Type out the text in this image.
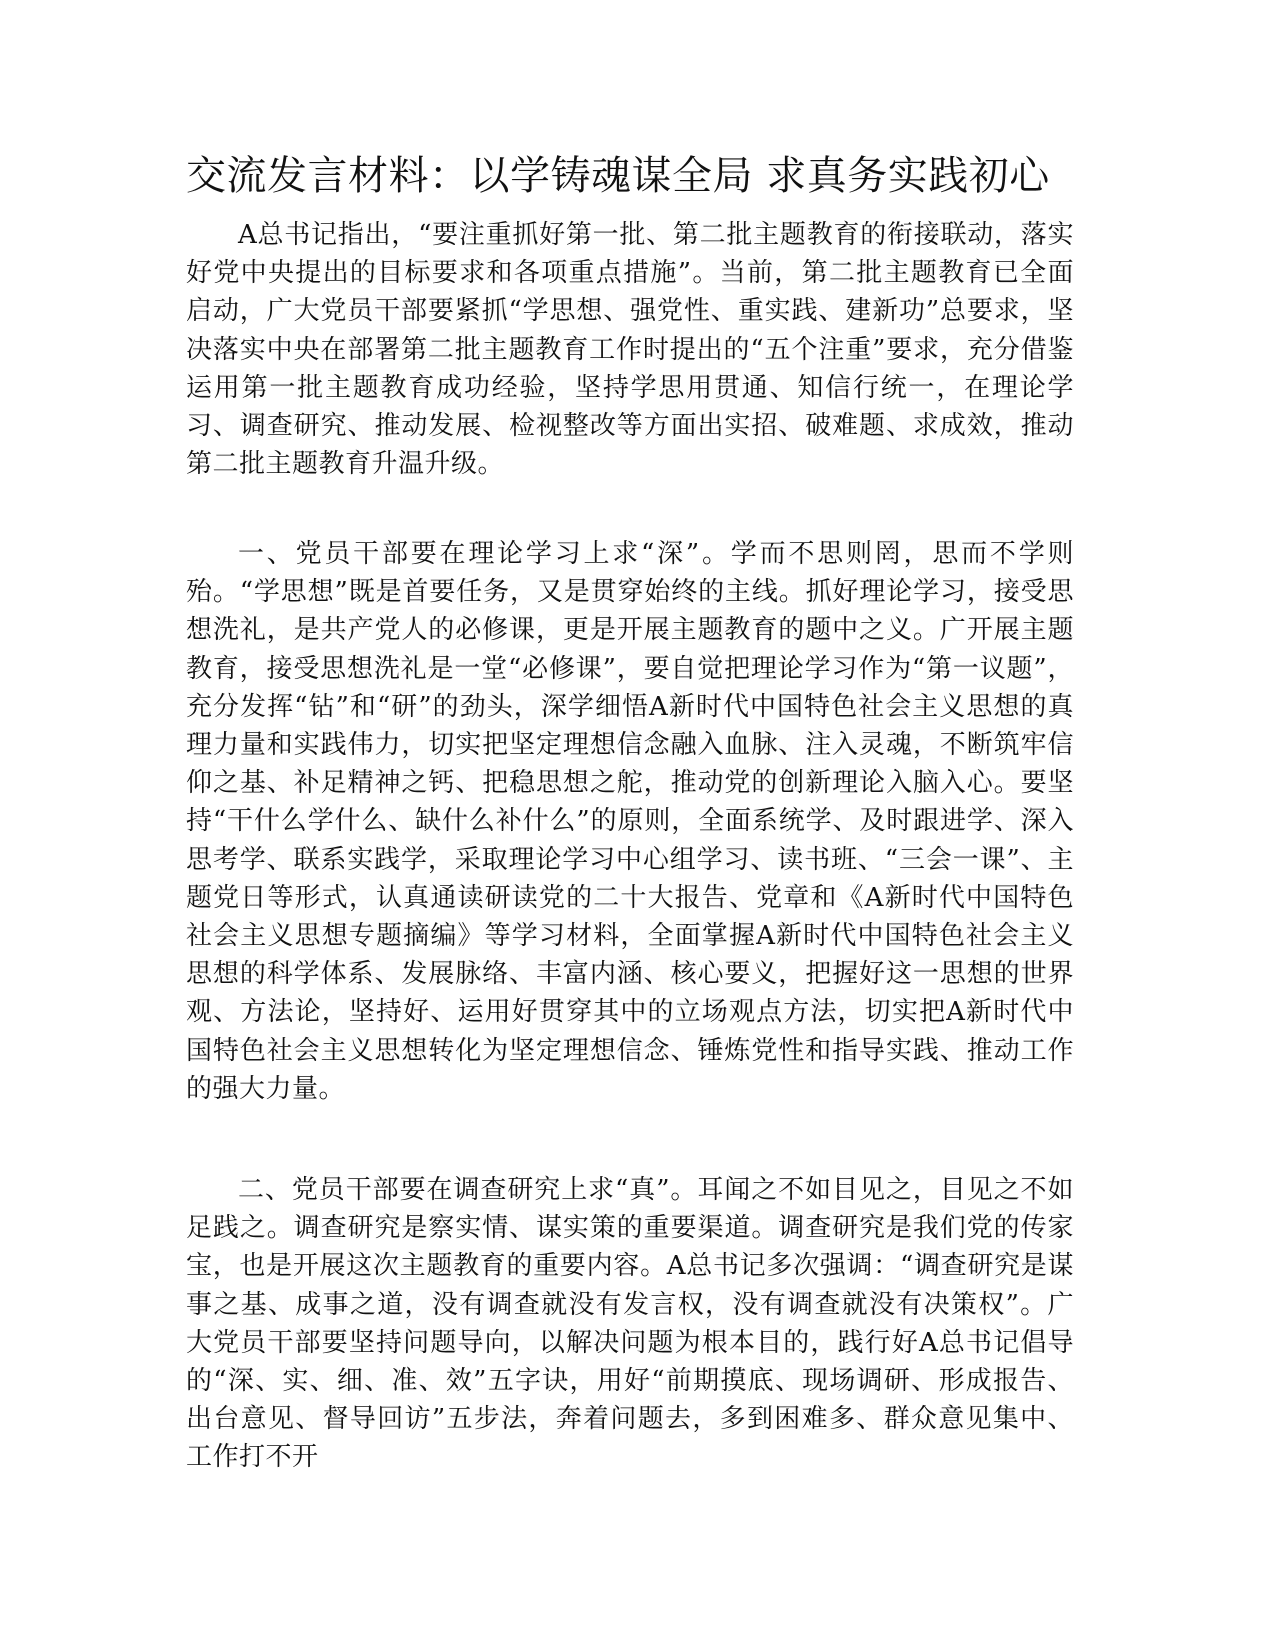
交流发言材料：以学铸魂谋全局 求真务实践初心

A总书记指出，“要注重抓好第一批、第二批主题教育的衔接联动，落实好党中央提出的目标要求和各项重点措施”。当前，第二批主题教育已全面启动，广大党员干部要紧抓“学思想、强党性、重实践、建新功”总要求，坚决落实中央在部署第二批主题教育工作时提出的“五个注重”要求，充分借鉴运用第一批主题教育成功经验，坚持学思用贯通、知信行统一，在理论学习、调查研究、推动发展、检视整改等方面出实招、破难题、求成效，推动第二批主题教育升温升级。

一、党员干部要在理论学习上求“深”。学而不思则罔，思而不学则殆。“学思想”既是首要任务，又是贯穿始终的主线。抓好理论学习，接受思想洗礼，是共产党人的必修课，更是开展主题教育的题中之义。广开展主题教育，接受思想洗礼是一堂“必修课”，要自觉把理论学习作为“第一议题”，充分发挥“钻”和“研”的劲头，深学细悟A新时代中国特色社会主义思想的真理力量和实践伟力，切实把坚定理想信念融入血脉、注入灵魂，不断筑牢信仰之基、补足精神之钙、把稳思想之舵，推动党的创新理论入脑入心。要坚持“干什么学什么、缺什么补什么”的原则，全面系统学、及时跟进学、深入思考学、联系实践学，采取理论学习中心组学习、读书班、“三会一课”、主题党日等形式，认真通读研读党的二十大报告、党章和《A新时代中国特色社会主义思想专题摘编》等学习材料，全面掌握A新时代中国特色社会主义思想的科学体系、发展脉络、丰富内涵、核心要义，把握好这一思想的世界观、方法论，坚持好、运用好贯穿其中的立场观点方法，切实把A新时代中国特色社会主义思想转化为坚定理想信念、锤炼党性和指导实践、推动工作的强大力量。

二、党员干部要在调查研究上求“真”。耳闻之不如目见之，目见之不如足践之。调查研究是察实情、谋实策的重要渠道。调查研究是我们党的传家宝，也是开展这次主题教育的重要内容。A总书记多次强调：“调查研究是谋事之基、成事之道，没有调查就没有发言权，没有调查就没有决策权”。广大党员干部要坚持问题导向，以解决问题为根本目的，践行好A总书记倡导的“深、实、细、准、效”五字诀，用好“前期摸底、现场调研、形成报告、出台意见、督导回访”五步法，奔着问题去，多到困难多、群众意见集中、工作打不开
